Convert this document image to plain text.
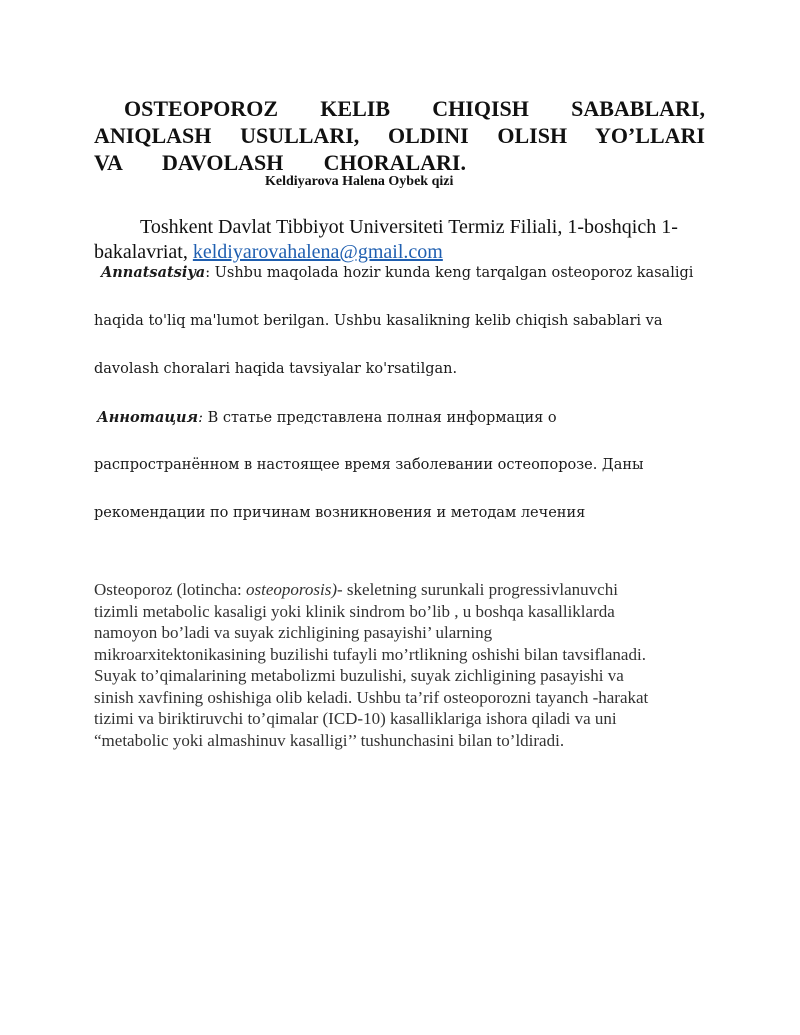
OSTEOPOROZ KELIB CHIQISH SABABLARI,
ANIQLASH USULLARI, OLDINI OLISH YO’LLARI
VA DAVOLASH CHORALARI.
Keldiyarova Halena Oybek qizi
Toshkent Davlat Tibbiyot Universiteti Termiz Filiali, 1-boshqich 1-
bakalavriat, keldiyarovahalena@gmail.com
Annatsatsiya: Ushbu maqolada hozir kunda keng tarqalgan osteoporoz kasaligi
haqida to'liq ma'lumot berilgan. Ushbu kasalikning kelib chiqish sabablari va
davolash choralari haqida tavsiyalar ko'rsatilgan.
Аннотация: В статье представлена полная информация о
распространённом в настоящее время заболевании остеопорозе. Даны
рекомендации по причинам возникновения и методам лечения
Osteoporoz (lotincha: osteoporosis)- skeletning surunkali progressivlanuvchi
tizimli metabolic kasaligi yoki klinik sindrom bo’lib , u boshqa kasalliklarda
namoyon bo’ladi va suyak zichligining pasayishi’ ularning
mikroarxitektonikasining buzilishi tufayli mo’rtlikning oshishi bilan tavsiflanadi.
Suyak to’qimalarining metabolizmi buzulishi, suyak zichligining pasayishi va
sinish xavfining oshishiga olib keladi. Ushbu ta’rif osteoporozni tayanch -harakat
tizimi va biriktiruvchi to’qimalar (ICD-10) kasalliklariga ishora qiladi va uni
“metabolic yoki almashinuv kasalligi’’ tushunchasini bilan to’ldiradi.
